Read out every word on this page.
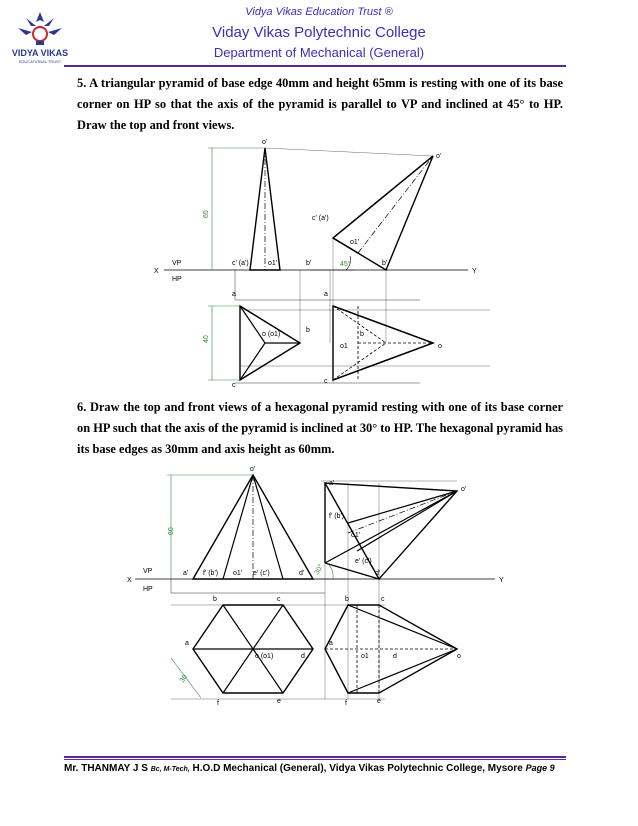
VIDYA VIKAS
EDUCATIONAL TRUST
Vidya Vikas Education Trust ®
Viday Vikas Polytechnic College
Department of Mechanical (General)
5. A triangular pyramid of base edge 40mm and height 65mm is resting with one of its base corner on HP so that the axis of the pyramid is parallel to VP and inclined at 45° to HP. Draw the top and front views.
65
40
45°
X	Y
VP
HP
o'
c' (a')	o1'	b'
o'
c' (a')
o1'
b'
a
o (o1)
b
c
a
b
o1	o
c
6. Draw the top and front views of a hexagonal pyramid resting with one of its base corner on HP such that the axis of the pyramid is inclined at 30° to HP. The hexagonal pyramid has its base edges as 30mm and axis height as 60mm.
60
30
30°
X	Y
VP
HP
o'
a' f' (b') o1' e' (c')	d'
a'
f' (b')
o1'
e' (c')
d'
o'
b	c
a
o (o1)	d
f	e
b	c
a
o1	d	o
f	e
Mr. THANMAY J S Bc, M-Tech, H.O.D Mechanical (General), Vidya Vikas Polytechnic College, Mysore Page 9
